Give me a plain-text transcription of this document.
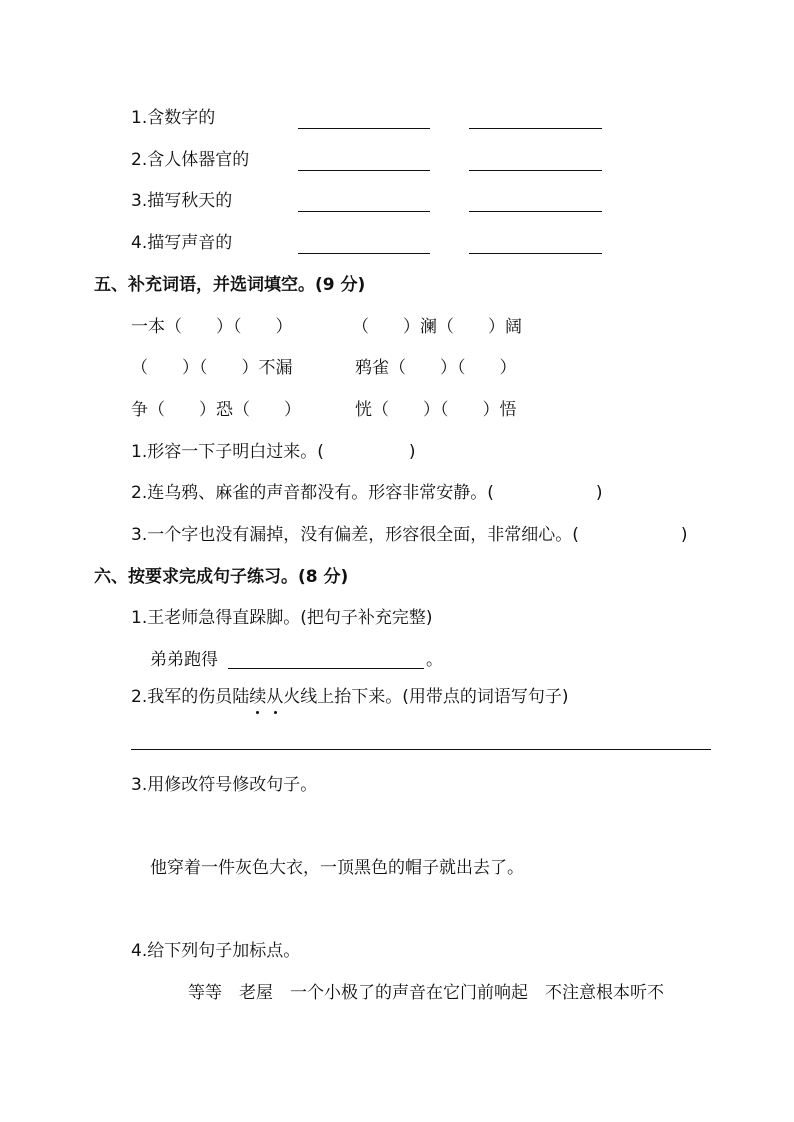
1.含数字的
2.含人体器官的
3.描写秋天的
4.描写声音的
五、补充词语，并选词填空。(9 分)
一本（　　）（　　）	（　　）澜（　　）阔
（　　）（　　）不漏	鸦雀（　　）（　　）
争（　　）恐（　　）	恍（　　）（　　）悟
1.形容一下子明白过来。(　　　　　)
2.连乌鸦、麻雀的声音都没有。形容非常安静。(　　　　　　)
3.一个字也没有漏掉，没有偏差，形容很全面，非常细心。(　　　　　　)
六、按要求完成句子练习。(8 分)
1.王老师急得直跺脚。(把句子补充完整)
弟弟跑得	。
2.我军的伤员陆续从火线上抬下来。(用带点的词语写句子)
3.用修改符号修改句子。
他穿着一件灰色大衣，一顶黑色的帽子就出去了。
4.给下列句子加标点。
等等　老屋　一个小极了的声音在它门前响起　不注意根本听不
